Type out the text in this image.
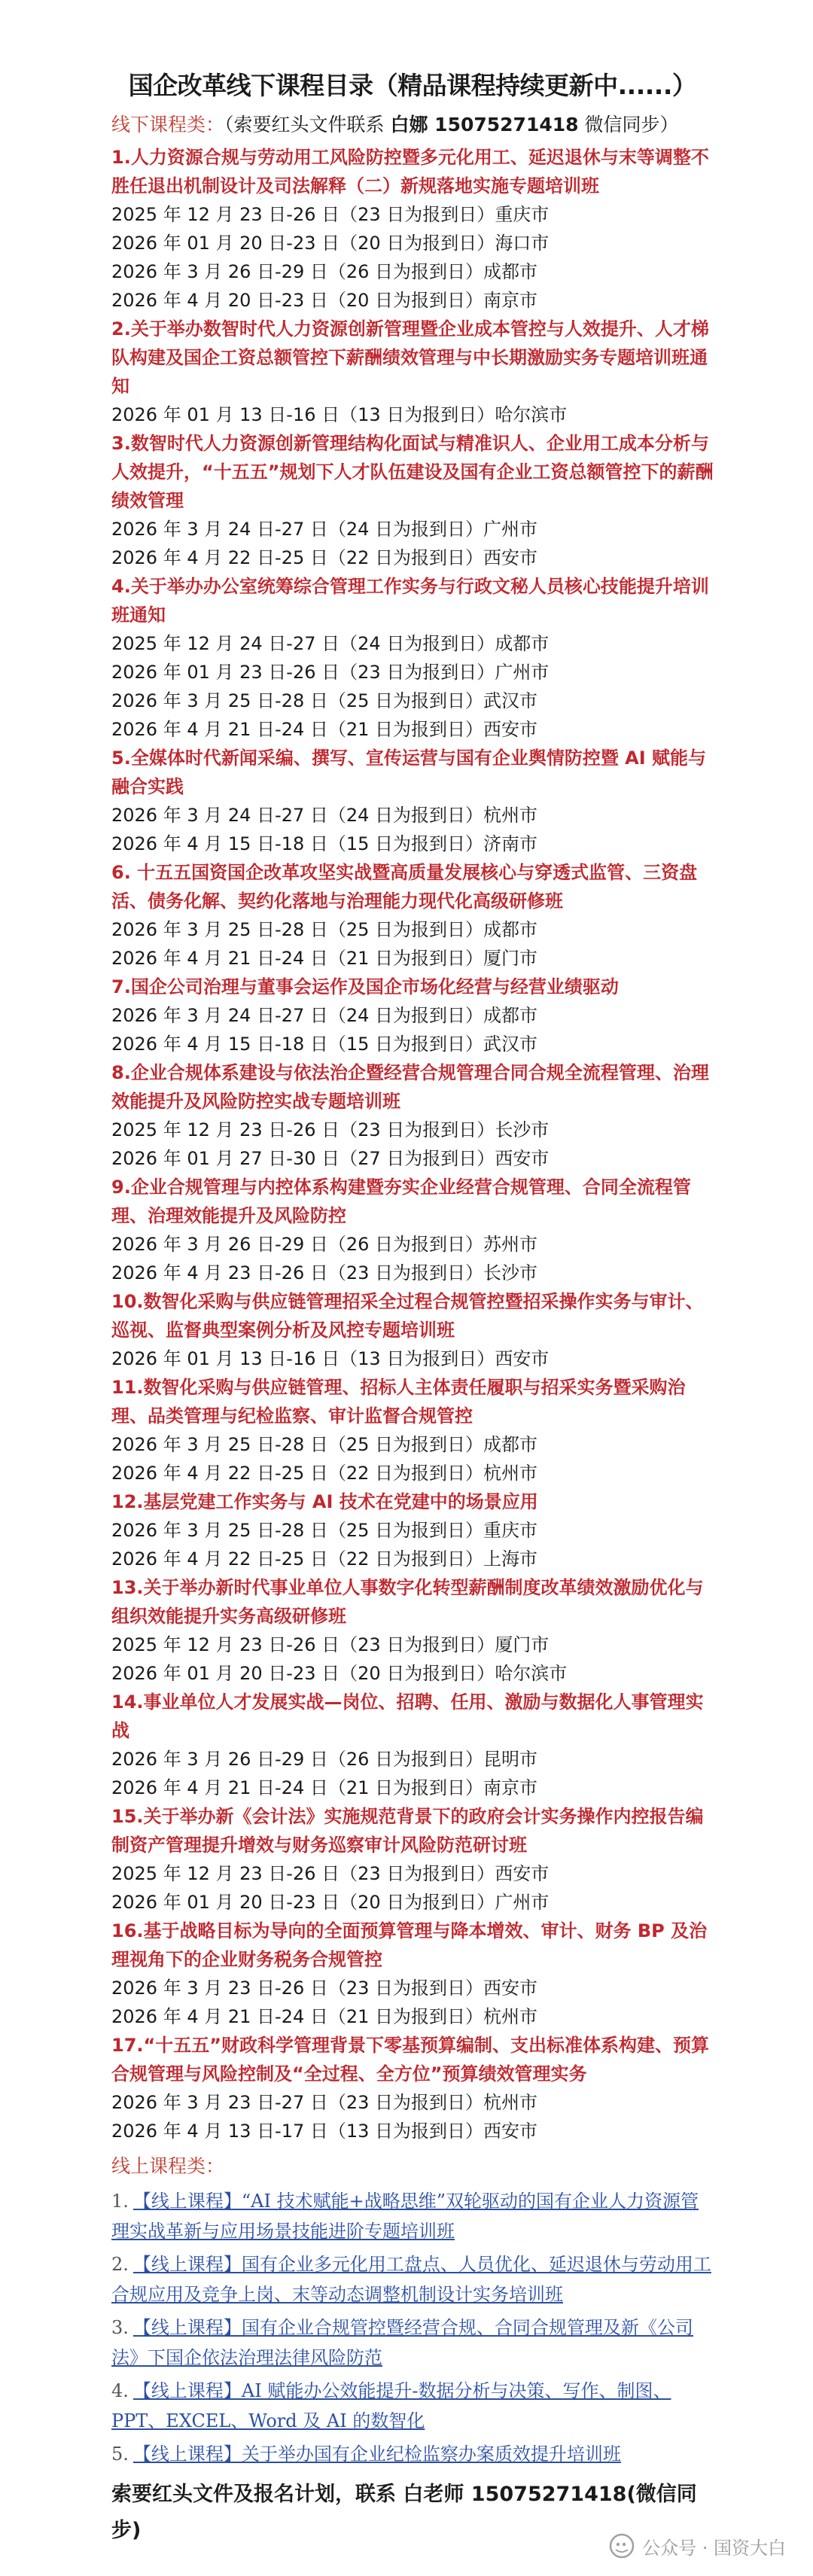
国企改革线下课程目录（精品课程持续更新中......）
线下课程类：（索要红头文件联系 白娜 15075271418 微信同步）
1.人力资源合规与劳动用工风险防控暨多元化用工、延迟退休与末等调整不胜任退出机制设计及司法解释（二）新规落地实施专题培训班
2025 年 12 月 23 日-26 日（23 日为报到日）重庆市
2026 年 01 月 20 日-23 日（20 日为报到日）海口市
2026 年 3 月 26 日-29 日（26 日为报到日）成都市
2026 年 4 月 20 日-23 日（20 日为报到日）南京市
2.关于举办数智时代人力资源创新管理暨企业成本管控与人效提升、人才梯队构建及国企工资总额管控下薪酬绩效管理与中长期激励实务专题培训班通知
2026 年 01 月 13 日-16 日（13 日为报到日）哈尔滨市
3.数智时代人力资源创新管理结构化面试与精准识人、企业用工成本分析与人效提升，“十五五”规划下人才队伍建设及国有企业工资总额管控下的薪酬绩效管理
2026 年 3 月 24 日-27 日（24 日为报到日）广州市
2026 年 4 月 22 日-25 日（22 日为报到日）西安市
4.关于举办办公室统筹综合管理工作实务与行政文秘人员核心技能提升培训班通知
2025 年 12 月 24 日-27 日（24 日为报到日）成都市
2026 年 01 月 23 日-26 日（23 日为报到日）广州市
2026 年 3 月 25 日-28 日（25 日为报到日）武汉市
2026 年 4 月 21 日-24 日（21 日为报到日）西安市
5.全媒体时代新闻采编、撰写、宣传运营与国有企业舆情防控暨 AI 赋能与融合实践
2026 年 3 月 24 日-27 日（24 日为报到日）杭州市
2026 年 4 月 15 日-18 日（15 日为报到日）济南市
6. 十五五国资国企改革攻坚实战暨高质量发展核心与穿透式监管、三资盘活、债务化解、契约化落地与治理能力现代化高级研修班
2026 年 3 月 25 日-28 日（25 日为报到日）成都市
2026 年 4 月 21 日-24 日（21 日为报到日）厦门市
7.国企公司治理与董事会运作及国企市场化经营与经营业绩驱动
2026 年 3 月 24 日-27 日（24 日为报到日）成都市
2026 年 4 月 15 日-18 日（15 日为报到日）武汉市
8.企业合规体系建设与依法治企暨经营合规管理合同合规全流程管理、治理效能提升及风险防控实战专题培训班
2025 年 12 月 23 日-26 日（23 日为报到日）长沙市
2026 年 01 月 27 日-30 日（27 日为报到日）西安市
9.企业合规管理与内控体系构建暨夯实企业经营合规管理、合同全流程管理、治理效能提升及风险防控
2026 年 3 月 26 日-29 日（26 日为报到日）苏州市
2026 年 4 月 23 日-26 日（23 日为报到日）长沙市
10.数智化采购与供应链管理招采全过程合规管控暨招采操作实务与审计、巡视、监督典型案例分析及风控专题培训班
2026 年 01 月 13 日-16 日（13 日为报到日）西安市
11.数智化采购与供应链管理、招标人主体责任履职与招采实务暨采购治理、品类管理与纪检监察、审计监督合规管控
2026 年 3 月 25 日-28 日（25 日为报到日）成都市
2026 年 4 月 22 日-25 日（22 日为报到日）杭州市
12.基层党建工作实务与 AI 技术在党建中的场景应用
2026 年 3 月 25 日-28 日（25 日为报到日）重庆市
2026 年 4 月 22 日-25 日（22 日为报到日）上海市
13.关于举办新时代事业单位人事数字化转型薪酬制度改革绩效激励优化与组织效能提升实务高级研修班
2025 年 12 月 23 日-26 日（23 日为报到日）厦门市
2026 年 01 月 20 日-23 日（20 日为报到日）哈尔滨市
14.事业单位人才发展实战—岗位、招聘、任用、激励与数据化人事管理实战
2026 年 3 月 26 日-29 日（26 日为报到日）昆明市
2026 年 4 月 21 日-24 日（21 日为报到日）南京市
15.关于举办新《会计法》实施规范背景下的政府会计实务操作内控报告编制资产管理提升增效与财务巡察审计风险防范研讨班
2025 年 12 月 23 日-26 日（23 日为报到日）西安市
2026 年 01 月 20 日-23 日（20 日为报到日）广州市
16.基于战略目标为导向的全面预算管理与降本增效、审计、财务 BP 及治理视角下的企业财务税务合规管控
2026 年 3 月 23 日-26 日（23 日为报到日）西安市
2026 年 4 月 21 日-24 日（21 日为报到日）杭州市
17.“十五五”财政科学管理背景下零基预算编制、支出标准体系构建、预算合规管理与风险控制及“全过程、全方位”预算绩效管理实务
2026 年 3 月 23 日-27 日（23 日为报到日）杭州市
2026 年 4 月 13 日-17 日（13 日为报到日）西安市
线上课程类：
1. 【线上课程】“AI 技术赋能+战略思维”双轮驱动的国有企业人力资源管理实战革新与应用场景技能进阶专题培训班
2. 【线上课程】国有企业多元化用工盘点、人员优化、延迟退休与劳动用工合规应用及竞争上岗、末等动态调整机制设计实务培训班
3. 【线上课程】国有企业合规管控暨经营合规、合同合规管理及新《公司法》下国企依法治理法律风险防范
4. 【线上课程】AI 赋能办公效能提升-数据分析与决策、写作、制图、PPT、EXCEL、Word 及 AI 的数智化
5. 【线上课程】关于举办国有企业纪检监察办案质效提升培训班
索要红头文件及报名计划，联系 白老师 15075271418(微信同步)
公众号 · 国资大白
